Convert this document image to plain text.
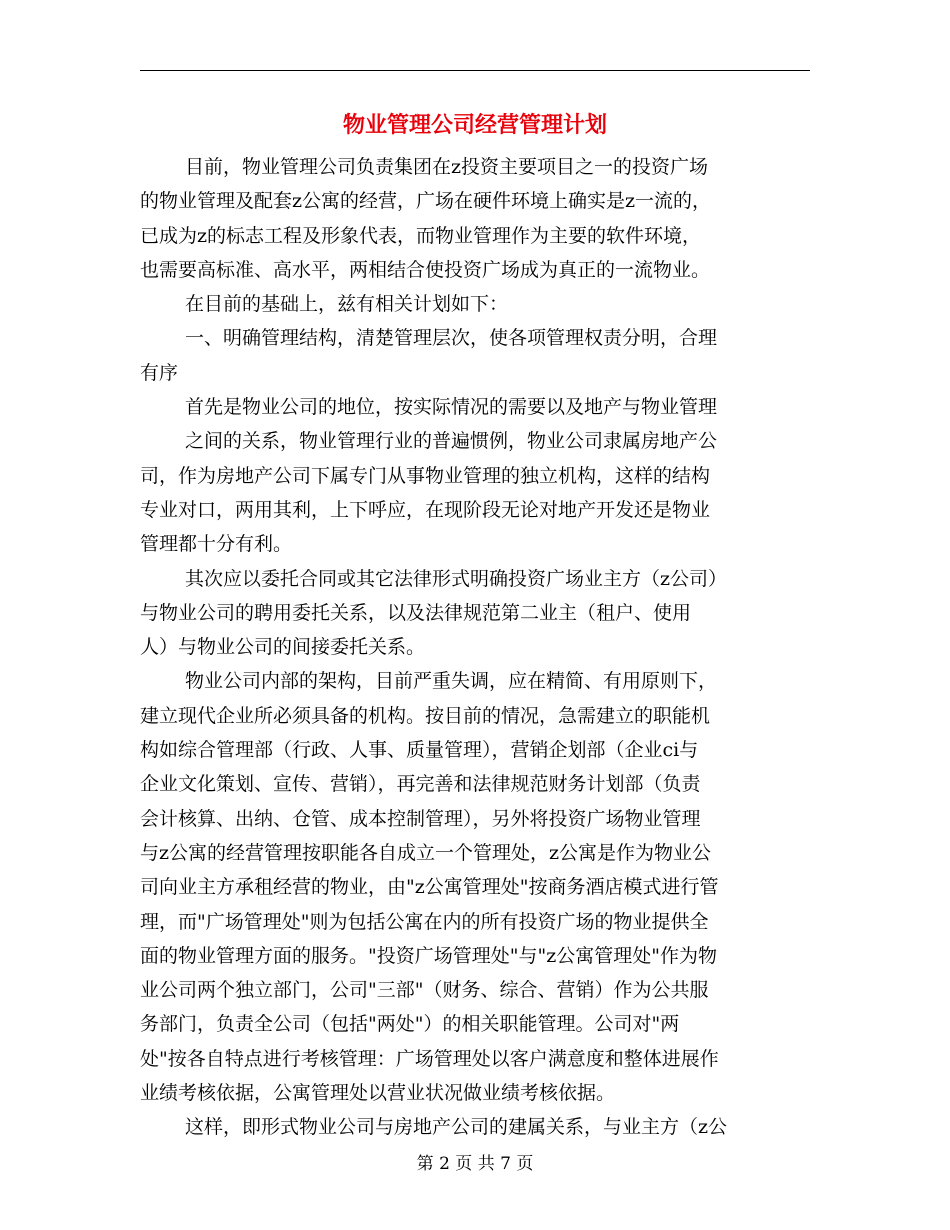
物业管理公司经营管理计划
目前，物业管理公司负责集团在z投资主要项目之一的投资广场
的物业管理及配套z公寓的经营，广场在硬件环境上确实是z一流的，
已成为z的标志工程及形象代表，而物业管理作为主要的软件环境，
也需要高标准、高水平，两相结合使投资广场成为真正的一流物业。
在目前的基础上，兹有相关计划如下：
一、明确管理结构，清楚管理层次，使各项管理权责分明，合理
有序
首先是物业公司的地位，按实际情况的需要以及地产与物业管理
之间的关系，物业管理行业的普遍惯例，物业公司隶属房地产公
司，作为房地产公司下属专门从事物业管理的独立机构，这样的结构
专业对口，两用其利，上下呼应，在现阶段无论对地产开发还是物业
管理都十分有利。
其次应以委托合同或其它法律形式明确投资广场业主方（z公司）
与物业公司的聘用委托关系，以及法律规范第二业主（租户、使用
人）与物业公司的间接委托关系。
物业公司内部的架构，目前严重失调，应在精简、有用原则下，
建立现代企业所必须具备的机构。按目前的情况，急需建立的职能机
构如综合管理部（行政、人事、质量管理），营销企划部（企业ci与
企业文化策划、宣传、营销），再完善和法律规范财务计划部（负责
会计核算、出纳、仓管、成本控制管理），另外将投资广场物业管理
与z公寓的经营管理按职能各自成立一个管理处，z公寓是作为物业公
司向业主方承租经营的物业，由"z公寓管理处"按商务酒店模式进行管
理，而"广场管理处"则为包括公寓在内的所有投资广场的物业提供全
面的物业管理方面的服务。"投资广场管理处"与"z公寓管理处"作为物
业公司两个独立部门，公司"三部"（财务、综合、营销）作为公共服
务部门，负责全公司（包括"两处"）的相关职能管理。公司对"两
处"按各自特点进行考核管理：广场管理处以客户满意度和整体进展作
业绩考核依据，公寓管理处以营业状况做业绩考核依据。
这样，即形式物业公司与房地产公司的建属关系，与业主方（z公
第 2 页 共 7 页
